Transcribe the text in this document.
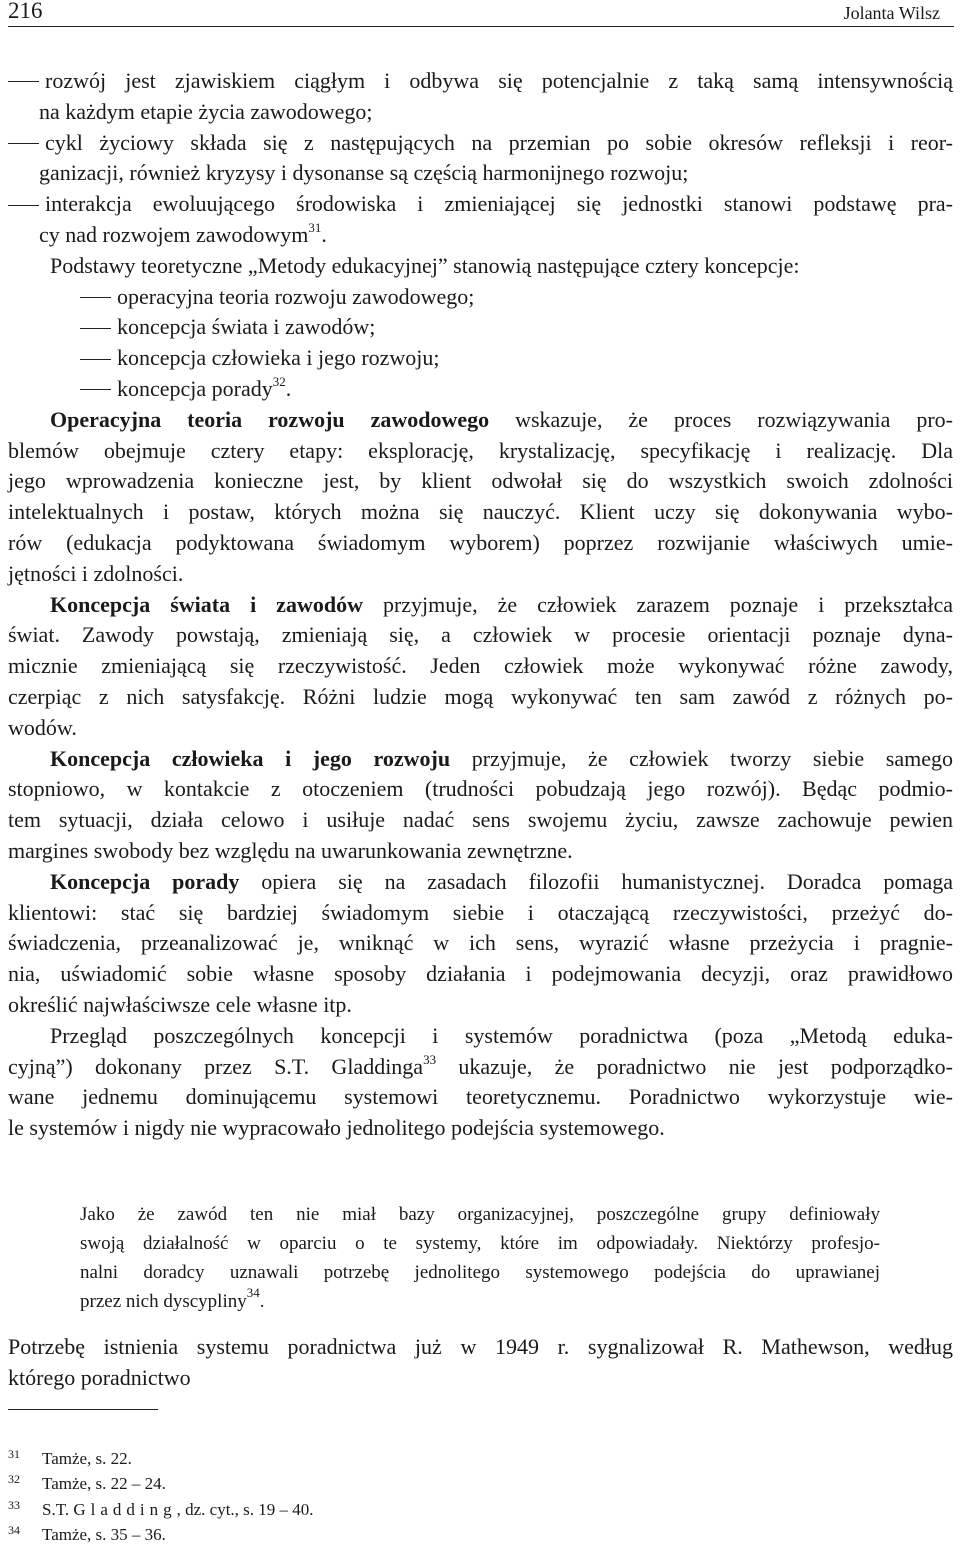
216	Jolanta Wilsz
rozwój jest zjawiskiem ciągłym i odbywa się potencjalnie z taką samą intensywnością
na każdym etapie życia zawodowego;
cykl życiowy składa się z następujących na przemian po sobie okresów refleksji i reor-
ganizacji, również kryzysy i dysonanse są częścią harmonijnego rozwoju;
interakcja ewoluującego środowiska i zmieniającej się jednostki stanowi podstawę pra-
cy nad rozwojem zawodowym$^{31}$.
Podstawy teoretyczne „Metody edukacyjnej” stanowią następujące cztery koncepcje:
operacyjna teoria rozwoju zawodowego;
koncepcja świata i zawodów;
koncepcja człowieka i jego rozwoju;
koncepcja porady$^{32}$.
Operacyjna teoria rozwoju zawodowego wskazuje, że proces rozwiązywania pro-
blemów obejmuje cztery etapy: eksplorację, krystalizację, specyfikację i realizację. Dla
jego wprowadzenia konieczne jest, by klient odwołał się do wszystkich swoich zdolności
intelektualnych i postaw, których można się nauczyć. Klient uczy się dokonywania wybo-
rów (edukacja podyktowana świadomym wyborem) poprzez rozwijanie właściwych umie-
jętności i zdolności.
Koncepcja świata i zawodów przyjmuje, że człowiek zarazem poznaje i przekształca
świat. Zawody powstają, zmieniają się, a człowiek w procesie orientacji poznaje dyna-
micznie zmieniającą się rzeczywistość. Jeden człowiek może wykonywać różne zawody,
czerpiąc z nich satysfakcję. Różni ludzie mogą wykonywać ten sam zawód z różnych po-
wodów.
Koncepcja człowieka i jego rozwoju przyjmuje, że człowiek tworzy siebie samego
stopniowo, w kontakcie z otoczeniem (trudności pobudzają jego rozwój). Będąc podmio-
tem sytuacji, działa celowo i usiłuje nadać sens swojemu życiu, zawsze zachowuje pewien
margines swobody bez względu na uwarunkowania zewnętrzne.
Koncepcja porady opiera się na zasadach filozofii humanistycznej. Doradca pomaga
klientowi: stać się bardziej świadomym siebie i otaczającą rzeczywistości, przeżyć do-
świadczenia, przeanalizować je, wniknąć w ich sens, wyrazić własne przeżycia i pragnie-
nia, uświadomić sobie własne sposoby działania i podejmowania decyzji, oraz prawidłowo
określić najwłaściwsze cele własne itp.
Przegląd poszczególnych koncepcji i systemów poradnictwa (poza „Metodą eduka-
cyjną”) dokonany przez S.T. Gladdinga$^{33}$ ukazuje, że poradnictwo nie jest podporządko-
wane jednemu dominującemu systemowi teoretycznemu. Poradnictwo wykorzystuje wie-
le systemów i nigdy nie wypracowało jednolitego podejścia systemowego.
Jako że zawód ten nie miał bazy organizacyjnej, poszczególne grupy definiowały
swoją działalność w oparciu o te systemy, które im odpowiadały. Niektórzy profesjo-
nalni doradcy uznawali potrzebę jednolitego systemowego podejścia do uprawianej
przez nich dyscypliny$^{34}$.
Potrzebę istnienia systemu poradnictwa już w 1949 r. sygnalizował R. Mathewson, według
którego poradnictwo
31 Tamże, s. 22.
32 Tamże, s. 22 – 24.
33 S.T. Gladding, dz. cyt., s. 19 – 40.
34 Tamże, s. 35 – 36.
